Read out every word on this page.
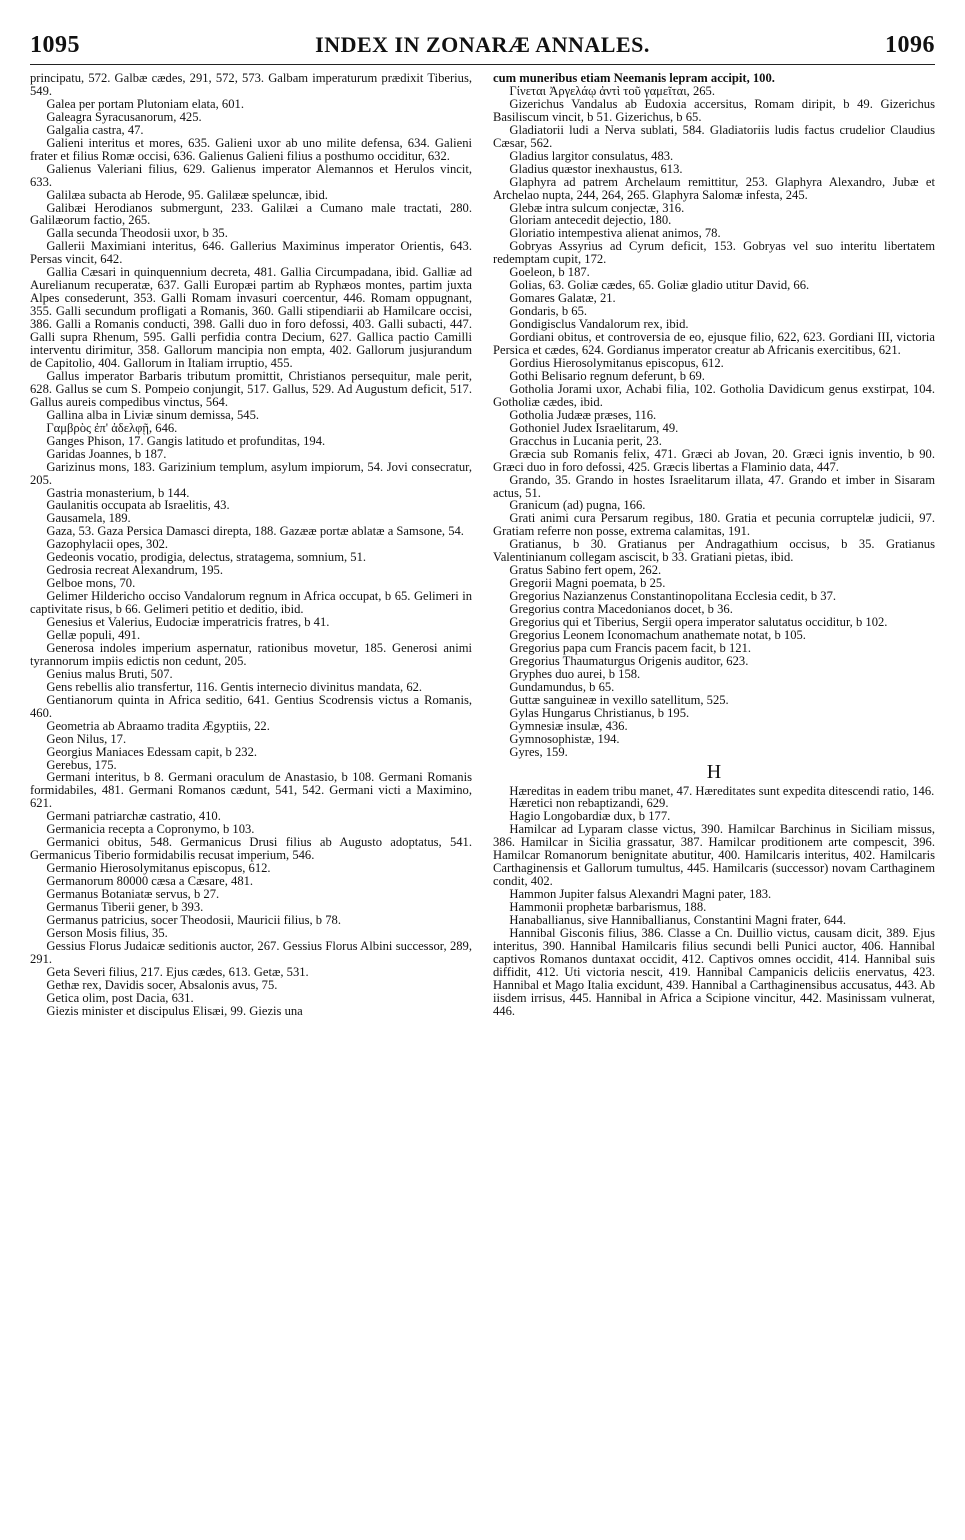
1095	INDEX IN ZONARÆ ANNALES.	1096

principatu, 572. Galbæ cædes, 291, 572, 573. Galbam imperaturum prædixit Tiberius, 549.

Galea per portam Plutoniam elata, 601.

Galeagra Syracusanorum, 425.

Galgalia castra, 47.

Galieni interitus et mores, 635. Galieni uxor ab uno milite defensa, 634. Galieni frater et filius Romæ occisi, 636. Galienus Galieni filius a posthumo occiditur, 632.

Galienus Valeriani filius, 629. Galienus imperator Alemannos et Herulos vincit, 633.

Galilæa subacta ab Herode, 95. Galilææ speluncæ, ibid.

Galibæi Herodianos submergunt, 233. Galilæi a Cumano male tractati, 280. Galilæorum factio, 265.

Galla secunda Theodosii uxor, b 35.

Gallerii Maximiani interitus, 646. Gallerius Maximinus imperator Orientis, 643. Persas vincit, 642.

Gallia Cæsari in quinquennium decreta, 481. Gallia Circumpadana, ibid. Galliæ ad Aurelianum recuperatæ, 637. Galli Europæi partim ab Ryphæos montes, partim juxta Alpes consederunt, 353. Galli Romam invasuri coercentur, 446. Romam oppugnant, 355. Galli secundum profligati a Romanis, 360. Galli stipendiarii ab Hamilcare occisi, 386. Galli a Romanis conducti, 398. Galli duo in foro defossi, 403. Galli subacti, 447. Galli supra Rhenum, 595. Galli perfidia contra Decium, 627. Gallica pactio Camilli interventu dirimitur, 358. Gallorum mancipia non empta, 402. Gallorum jusjurandum de Capitolio, 404. Gallorum in Italiam irruptio, 455.

Gallus imperator Barbaris tributum promittit, Christianos persequitur, male perit, 628. Gallus se cum S. Pompeio conjungit, 517. Gallus, 529. Ad Augustum deficit, 517. Gallus aureis compedibus vinctus, 564.

Gallina alba in Liviæ sinum demissa, 545.

Γαμβρὸς ἐπ' ἀδελφῇ, 646.

Ganges Phison, 17. Gangis latitudo et profunditas, 194.

Garidas Joannes, b 187.

Garizinus mons, 183. Garizinium templum, asylum impiorum, 54. Jovi consecratur, 205.

Gastria monasterium, b 144.

Gaulanitis occupata ab Israelitis, 43.

Gausamela, 189.

Gaza, 53. Gaza Persica Damasci direpta, 188. Gazææ portæ ablatæ a Samsone, 54.

Gazophylacii opes, 302.

Gedeonis vocatio, prodigia, delectus, stratagema, somnium, 51.

Gedrosia recreat Alexandrum, 195.

Gelboe mons, 70.

Gelimer Hildericho occiso Vandalorum regnum in Africa occupat, b 65. Gelimeri in captivitate risus, b 66. Gelimeri petitio et deditio, ibid.

Genesius et Valerius, Eudociæ imperatricis fratres, b 41.

Gellæ populi, 491.

Generosa indoles imperium aspernatur, rationibus movetur, 185. Generosi animi tyrannorum impiis edictis non cedunt, 205.

Genius malus Bruti, 507.

Gens rebellis alio transfertur, 116. Gentis internecio divinitus mandata, 62.

Gentianorum quinta in Africa seditio, 641. Gentius Scodrensis victus a Romanis, 460.

Geometria ab Abraamo tradita Ægyptiis, 22.

Geon Nilus, 17.

Georgius Maniaces Edessam capit, b 232.

Gerebus, 175.

Germani interitus, b 8. Germani oraculum de Anastasio, b 108. Germani Romanis formidabiles, 481. Germani Romanos cædunt, 541, 542. Germani victi a Maximino, 621.

Germani patriarchæ castratio, 410.

Germanicia recepta a Copronymo, b 103.

Germanici obitus, 548. Germanicus Drusi filius ab Augusto adoptatus, 541. Germanicus Tiberio formidabilis recusat imperium, 546.

Germanio Hierosolymitanus episcopus, 612.

Germanorum 80000 cæsa a Cæsare, 481.

Germanus Botaniatæ servus, b 27.

Germanus Tiberii gener, b 393.

Germanus patricius, socer Theodosii, Mauricii filius, b 78.

Gerson Mosis filius, 35.

Gessius Florus Judaicæ seditionis auctor, 267. Gessius Florus Albini successor, 289, 291.

Geta Severi filius, 217. Ejus cædes, 613. Getæ, 531.

Gethæ rex, Davidis socer, Absalonis avus, 75.

Getica olim, post Dacia, 631.

Giezis minister et discipulus Elisæi, 99. Giezis una

cum muneribus etiam Neemanis lepram accipit, 100.

Γίνεται Ἀργελάῳ ἀντὶ τοῦ γαμεῖται, 265.

Gizerichus Vandalus ab Eudoxia accersitus, Romam diripit, b 49. Gizerichus Basiliscum vincit, b 51. Gizerichus, b 65.

Gladiatorii ludi a Nerva sublati, 584. Gladiatoriis ludis factus crudelior Claudius Cæsar, 562.

Gladius largitor consulatus, 483.

Gladius quæstor inexhaustus, 613.

Glaphyra ad patrem Archelaum remittitur, 253. Glaphyra Alexandro, Jubæ et Archelao nupta, 244, 264, 265. Glaphyra Salomæ infesta, 245.

Glebæ intra sulcum conjectæ, 316.

Gloriam antecedit dejectio, 180.

Gloriatio intempestiva alienat animos, 78.

Gobryas Assyrius ad Cyrum deficit, 153. Gobryas vel suo interitu libertatem redemptam cupit, 172.

Goeleon, b 187.

Golias, 63. Goliæ cædes, 65. Goliæ gladio utitur David, 66.

Gomares Galatæ, 21.

Gondaris, b 65.

Gondigisclus Vandalorum rex, ibid.

Gordiani obitus, et controversia de eo, ejusque filio, 622, 623. Gordiani III, victoria Persica et cædes, 624. Gordianus imperator creatur ab Africanis exercitibus, 621.

Gordius Hierosolymitanus episcopus, 612.

Gothi Belisario regnum deferunt, b 69.

Gotholia Jorami uxor, Achabi filia, 102. Gotholia Davidicum genus exstirpat, 104. Gotholiæ cædes, ibid.

Gotholia Judææ præses, 116.

Gothoniel Judex Israelitarum, 49.

Gracchus in Lucania perit, 23.

Græcia sub Romanis felix, 471. Græci ab Jovan, 20. Græci ignis inventio, b 90. Græci duo in foro defossi, 425. Græcis libertas a Flaminio data, 447.

Grando, 35. Grando in hostes Israelitarum illata, 47. Grando et imber in Sisaram actus, 51.

Granicum (ad) pugna, 166.

Grati animi cura Persarum regibus, 180. Gratia et pecunia corruptelæ judicii, 97. Gratiam referre non posse, extrema calamitas, 191.

Gratianus, b 30. Gratianus per Andragathium occisus, b 35. Gratianus Valentinianum collegam asciscit, b 33. Gratiani pietas, ibid.

Gratus Sabino fert opem, 262.

Gregorii Magni poemata, b 25.

Gregorius Nazianzenus Constantinopolitana Ecclesia cedit, b 37.

Gregorius contra Macedonianos docet, b 36.

Gregorius qui et Tiberius, Sergii opera imperator salutatus occiditur, b 102.

Gregorius Leonem Iconomachum anathemate notat, b 105.

Gregorius papa cum Francis pacem facit, b 121.

Gregorius Thaumaturgus Origenis auditor, 623.

Gryphes duo aurei, b 158.

Gundamundus, b 65.

Guttæ sanguineæ in vexillo satellitum, 525.

Gylas Hungarus Christianus, b 195.

Gymnesiæ insulæ, 436.

Gymnosophistæ, 194.

Gyres, 159.

H

Hæreditas in eadem tribu manet, 47. Hæreditates sunt expedita ditescendi ratio, 146.

Hæretici non rebaptizandi, 629.

Hagio Longobardiæ dux, b 177.

Hamilcar ad Lyparam classe victus, 390. Hamilcar Barchinus in Siciliam missus, 386. Hamilcar in Sicilia grassatur, 387. Hamilcar proditionem arte compescit, 396. Hamilcar Romanorum benignitate abutitur, 400. Hamilcaris interitus, 402. Hamilcaris Carthaginensis et Gallorum tumultus, 445. Hamilcaris (successor) novam Carthaginem condit, 402.

Hammon Jupiter falsus Alexandri Magni pater, 183.

Hammonii prophetæ barbarismus, 188.

Hanaballianus, sive Hanniballianus, Constantini Magni frater, 644.

Hannibal Gisconis filius, 386. Classe a Cn. Duillio victus, causam dicit, 389. Ejus interitus, 390. Hannibal Hamilcaris filius secundi belli Punici auctor, 406. Hannibal captivos Romanos duntaxat occidit, 412. Captivos omnes occidit, 414. Hannibal suis diffidit, 412. Uti victoria nescit, 419. Hannibal Campanicis deliciis enervatus, 423. Hannibal et Mago Italia excidunt, 439. Hannibal a Carthaginensibus accusatus, 443. Ab iisdem irrisus, 445. Hannibal in Africa a Scipione vincitur, 442. Masinissam vulnerat, 446.
